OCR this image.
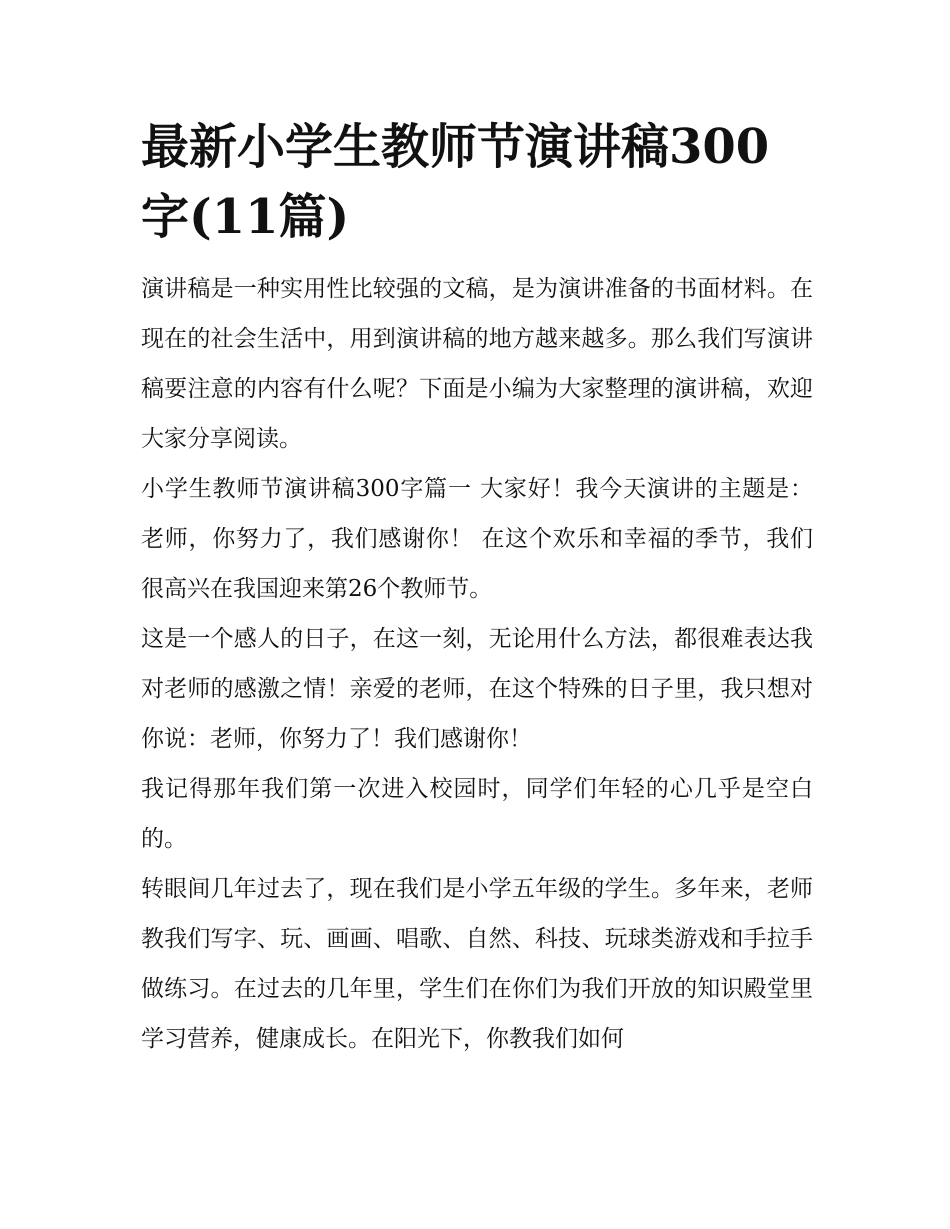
最新小学生教师节演讲稿300字(11篇)

演讲稿是一种实用性比较强的文稿，是为演讲准备的书面材料。在现在的社会生活中，用到演讲稿的地方越来越多。那么我们写演讲稿要注意的内容有什么呢？下面是小编为大家整理的演讲稿，欢迎大家分享阅读。

小学生教师节演讲稿300字篇一 大家好！我今天演讲的主题是：老师，你努力了，我们感谢你！ 在这个欢乐和幸福的季节，我们很高兴在我国迎来第26个教师节。

这是一个感人的日子，在这一刻，无论用什么方法，都很难表达我对老师的感激之情！亲爱的老师，在这个特殊的日子里，我只想对你说：老师，你努力了！我们感谢你！

我记得那年我们第一次进入校园时，同学们年轻的心几乎是空白的。

转眼间几年过去了，现在我们是小学五年级的学生。多年来，老师教我们写字、玩、画画、唱歌、自然、科技、玩球类游戏和手拉手做练习。在过去的几年里，学生们在你们为我们开放的知识殿堂里学习营养，健康成长。在阳光下，你教我们如何
